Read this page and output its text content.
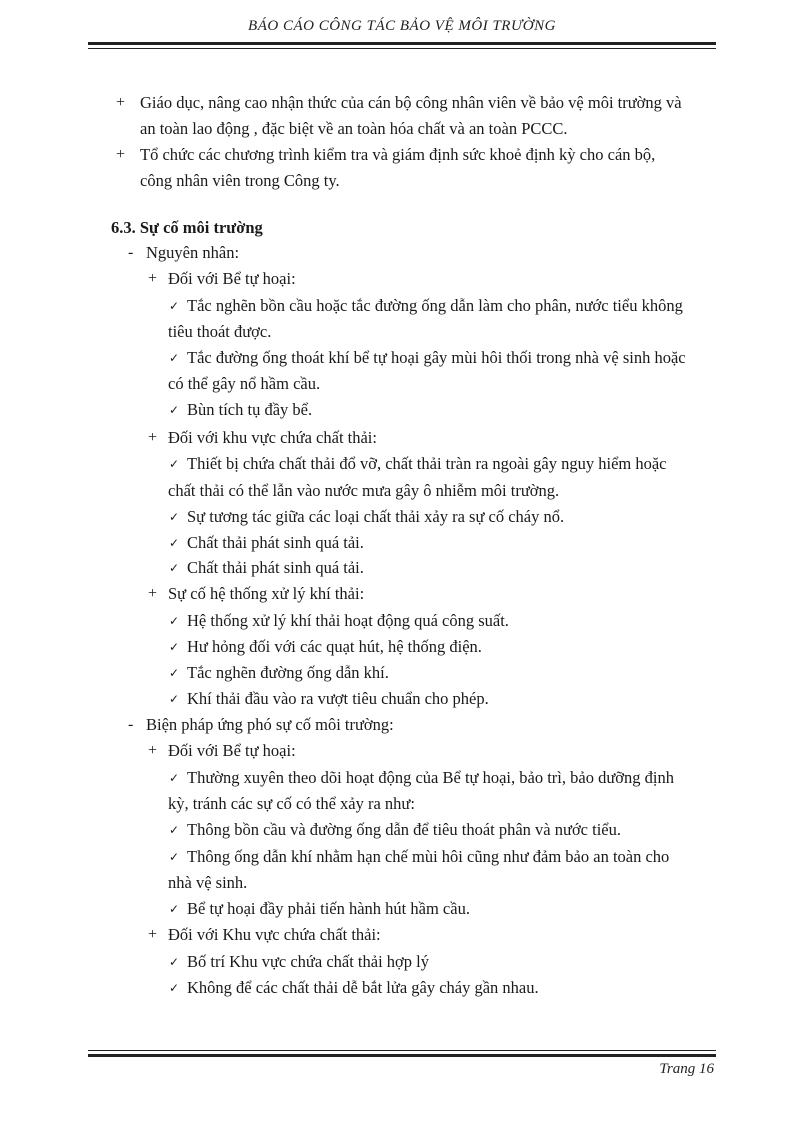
BÁO CÁO CÔNG TÁC BẢO VỆ MÔI TRƯỜNG
+ Giáo dục, nâng cao nhận thức của cán bộ công nhân viên về bảo vệ môi trường và
an toàn lao động , đặc biệt về an toàn hóa chất và an toàn PCCC.
+ Tổ chức các chương trình kiểm tra và giám định sức khoẻ định kỳ cho cán bộ,
công nhân viên trong Công ty.
6.3. Sự cố môi trường
- Nguyên nhân:
+ Đối với Bể tự hoại:
✓ Tắc nghẽn bồn cầu hoặc tắc đường ống dẫn làm cho phân, nước tiểu không
tiêu thoát được.
✓ Tắc đường ống thoát khí bể tự hoại gây mùi hôi thối trong nhà vệ sinh hoặc
có thể gây nổ hầm cầu.
✓ Bùn tích tụ đầy bể.
+ Đối với khu vực chứa chất thải:
✓ Thiết bị chứa chất thải đổ vỡ, chất thải tràn ra ngoài gây nguy hiểm hoặc
chất thải có thể lẫn vào nước mưa gây ô nhiễm môi trường.
✓ Sự tương tác giữa các loại chất thải xảy ra sự cố cháy nổ.
✓ Chất thải phát sinh quá tải.
✓ Chất thải phát sinh quá tải.
+ Sự cố hệ thống xử lý khí thải:
✓ Hệ thống xử lý khí thải hoạt động quá công suất.
✓ Hư hỏng đối với các quạt hút, hệ thống điện.
✓ Tắc nghẽn đường ống dẫn khí.
✓ Khí thải đầu vào ra vượt tiêu chuẩn cho phép.
- Biện pháp ứng phó sự cố môi trường:
+ Đối với Bể tự hoại:
✓ Thường xuyên theo dõi hoạt động của Bể tự hoại, bảo trì, bảo dưỡng định
kỳ, tránh các sự cố có thể xảy ra như:
✓ Thông bồn cầu và đường ống dẫn để tiêu thoát phân và nước tiểu.
✓ Thông ống dẫn khí nhằm hạn chế mùi hôi cũng như đảm bảo an toàn cho
nhà vệ sinh.
✓ Bể tự hoại đầy phải tiến hành hút hầm cầu.
+ Đối với Khu vực chứa chất thải:
✓ Bố trí Khu vực chứa chất thải hợp lý
✓ Không để các chất thải dễ bắt lửa gây cháy gần nhau.
Trang 16
